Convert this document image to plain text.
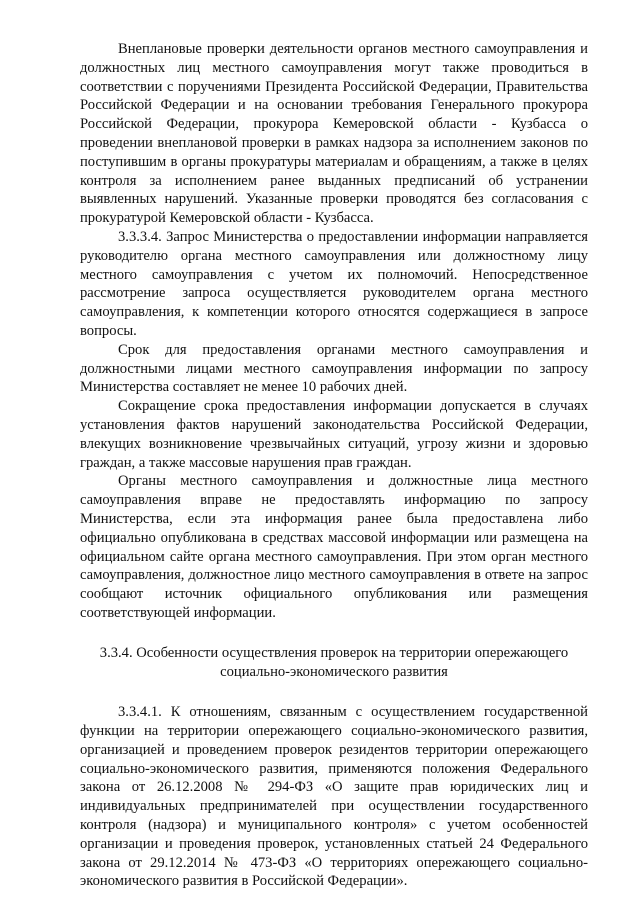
Внеплановые проверки деятельности органов местного самоуправления и должностных лиц местного самоуправления могут также проводиться в соответствии с поручениями Президента Российской Федерации, Правительства Российской Федерации и на основании требования Генерального прокурора Российской Федерации, прокурора Кемеровской области - Кузбасса о проведении внеплановой проверки в рамках надзора за исполнением законов по поступившим в органы прокуратуры материалам и обращениям, а также в целях контроля за исполнением ранее выданных предписаний об устранении выявленных нарушений. Указанные проверки проводятся без согласования с прокуратурой Кемеровской области - Кузбасса.

3.3.3.4. Запрос Министерства о предоставлении информации направляется руководителю органа местного самоуправления или должностному лицу местного самоуправления с учетом их полномочий. Непосредственное рассмотрение запроса осуществляется руководителем органа местного самоуправления, к компетенции которого относятся содержащиеся в запросе вопросы.

Срок для предоставления органами местного самоуправления и должностными лицами местного самоуправления информации по запросу Министерства составляет не менее 10 рабочих дней.

Сокращение срока предоставления информации допускается в случаях установления фактов нарушений законодательства Российской Федерации, влекущих возникновение чрезвычайных ситуаций, угрозу жизни и здоровью граждан, а также массовые нарушения прав граждан.

Органы местного самоуправления и должностные лица местного самоуправления вправе не предоставлять информацию по запросу Министерства, если эта информация ранее была предоставлена либо официально опубликована в средствах массовой информации или размещена на официальном сайте органа местного самоуправления. При этом орган местного самоуправления, должностное лицо местного самоуправления в ответе на запрос сообщают источник официального опубликования или размещения соответствующей информации.

3.3.4. Особенности осуществления проверок на территории опережающего
социально-экономического развития

3.3.4.1. К отношениям, связанным с осуществлением государственной функции на территории опережающего социально-экономического развития, организацией и проведением проверок резидентов территории опережающего социально-экономического развития, применяются положения Федерального закона от 26.12.2008 № 294-ФЗ «О защите прав юридических лиц и индивидуальных предпринимателей при осуществлении государственного контроля (надзора) и муниципального контроля» с учетом особенностей организации и проведения проверок, установленных статьей 24 Федерального закона от 29.12.2014 № 473-ФЗ «О территориях опережающего социально-экономического развития в Российской Федерации».
